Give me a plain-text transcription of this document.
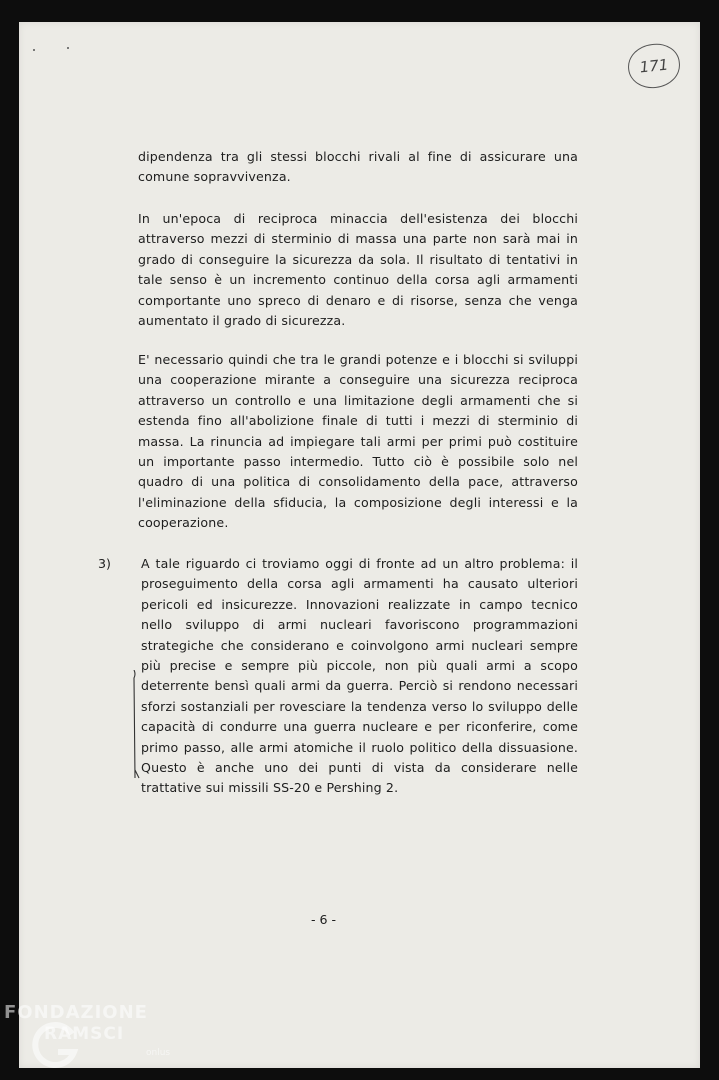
171

dipendenza tra gli stessi blocchi rivali al fine di assicurare una comune sopravvivenza.

In un'epoca di reciproca minaccia dell'esistenza dei blocchi attraverso mezzi di sterminio di massa una parte non sarà mai in grado di conseguire la sicurezza da sola. Il risultato di tentativi in tale senso è un incremento continuo della corsa agli armamenti comportante uno spreco di denaro e di risorse, senza che venga aumentato il grado di sicurezza.

E' necessario quindi che tra le grandi potenze e i blocchi si sviluppi una cooperazione mirante a conseguire una sicurezza reciproca attraverso un controllo e una limitazione degli armamenti che si estenda fino all'abolizione finale di tutti i mezzi di sterminio di massa. La rinuncia ad impiegare tali armi per primi può costituire un importante passo intermedio. Tutto ciò è possibile solo nel quadro di una politica di consolidamento della pace, attraverso l'eliminazione della sfiducia, la composizione degli interessi e la cooperazione.

3) A tale riguardo ci troviamo oggi di fronte ad un altro problema: il proseguimento della corsa agli armamenti ha causato ulteriori pericoli ed insicurezze. Innovazioni realizzate in campo tecnico nello sviluppo di armi nucleari favoriscono programmazioni strategiche che considerano e coinvolgono armi nucleari sempre più precise e sempre più piccole, non più quali armi a scopo deterrente bensì quali armi da guerra. Perciò si rendono necessari sforzi sostanziali per rovesciare la tendenza verso lo sviluppo delle capacità di condurre una guerra nucleare e per riconferire, come primo passo, alle armi atomiche il ruolo politico della dissuasione. Questo è anche uno dei punti di vista da considerare nelle trattative sui missili SS-20 e Pershing 2.

- 6 -
FONDAZIONE
RAMSCI
onlus
